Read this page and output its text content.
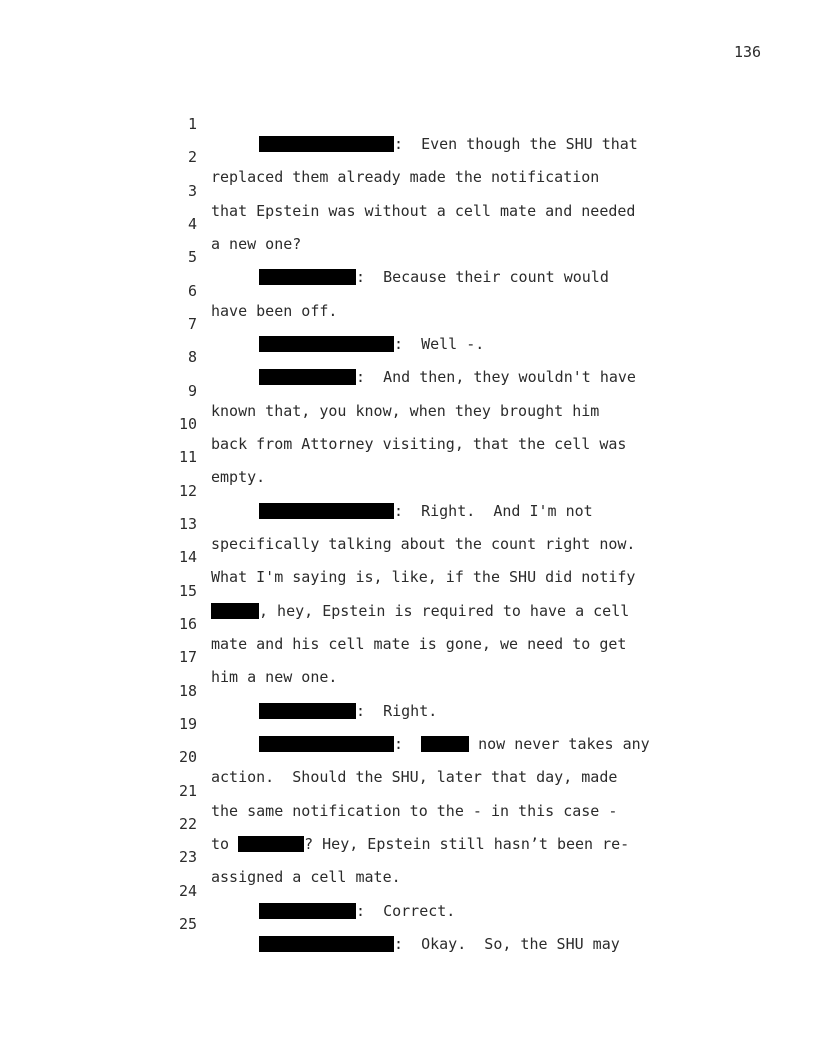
136

1

:  Even though the SHU that

2

replaced them already made the notification

3

that Epstein was without a cell mate and needed

4

a new one?

5

:  Because their count would

6

have been off.

7

:  Well -.

8

:  And then, they wouldn't have

9

known that, you know, when they brought him

10

back from Attorney visiting, that the cell was

11

empty.

12

:  Right.  And I'm not

13

specifically talking about the count right now.

14

What I'm saying is, like, if the SHU did notify

15

, hey, Epstein is required to have a cell

16

mate and his cell mate is gone, we need to get

17

him a new one.

18

:  Right.

19

:	now never takes any

20

action.  Should the SHU, later that day, made

21

the same notification to the - in this case -

22

to	? Hey, Epstein still hasn’t been re-

23

assigned a cell mate.

24

:  Correct.

25

:  Okay.  So, the SHU may
